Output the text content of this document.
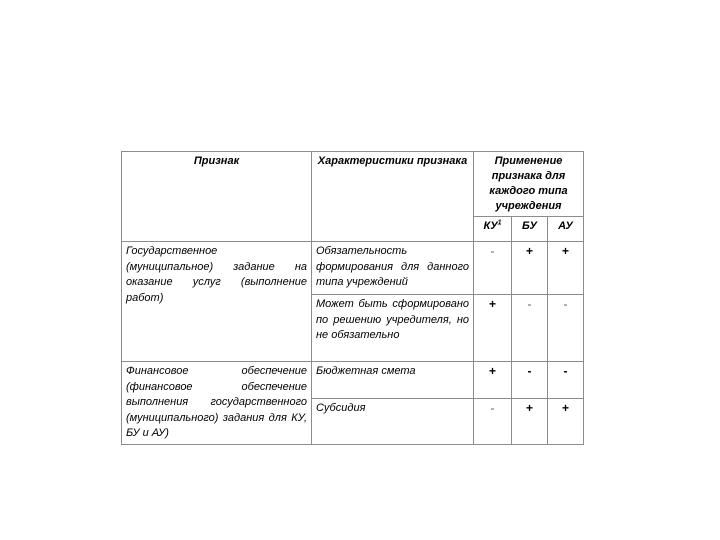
Признак	Характеристики признака	Применение признака для каждого типа учреждения		
		$КУ^1$	БУ	АУ
Государственное (муниципальное) задание на оказание услуг (выполнение работ)	Обязательность формирования для данного типа учреждений	-	+	+
	Может быть сформировано по решению учредителя, но не обязательно	+	-	-
Финансовое обеспечение (финансовое обеспечение выполнения государственного (муниципального) задания для КУ, БУ и АУ)	Бюджетная смета	+	-	-
	Субсидия	-	+	+
